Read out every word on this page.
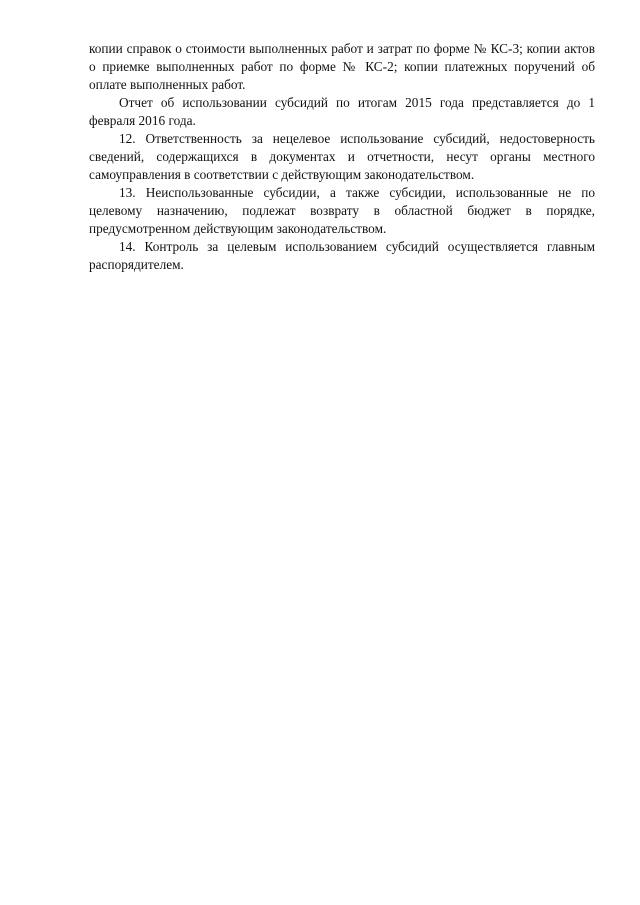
копии справок о стоимости выполненных работ и затрат по форме № КС-3; копии актов о приемке выполненных работ по форме № КС-2; копии платежных поручений об оплате выполненных работ.

Отчет об использовании субсидий по итогам 2015 года представляется до 1 февраля 2016 года.

12. Ответственность за нецелевое использование субсидий, недостоверность сведений, содержащихся в документах и отчетности, несут органы местного самоуправления в соответствии с действующим законодательством.

13. Неиспользованные субсидии, а также субсидии, использованные не по целевому назначению, подлежат возврату в областной бюджет в порядке, предусмотренном действующим законодательством.

14. Контроль за целевым использованием субсидий осуществляется главным распорядителем.
